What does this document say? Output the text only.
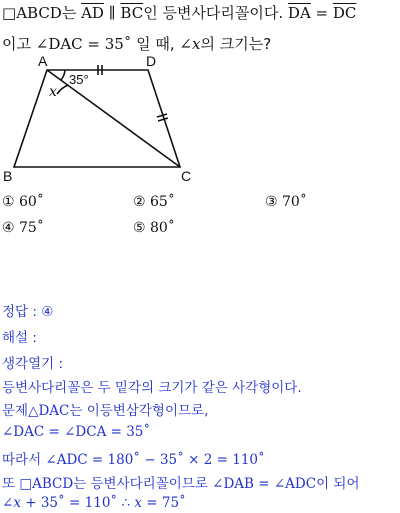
□ABCD는 $\overline{AD}$ ∥ $\overline{BC}$인 등변사다리꼴이다. $\overline{DA} = \overline{DC}$
이고 ∠DAC = 35˚ 일 때, ∠x의 크기는?
A	D
B	C
35°
x
① 60˚	② 65˚	③ 70˚
④ 75˚	⑤ 80˚
정답 : ④
해설 :
생각열기 :
등변사다리꼴은 두 밑각의 크기가 같은 사각형이다.
문제△DAC는 이등변삼각형이므로,
∠DAC = ∠DCA = 35˚
따라서 ∠ADC = 180˚ − 35˚ × 2 = 110˚
또 □ABCD는 등변사다리꼴이므로 ∠DAB = ∠ADC이 되어
∠x + 35˚ = 110˚ ∴ x = 75˚
